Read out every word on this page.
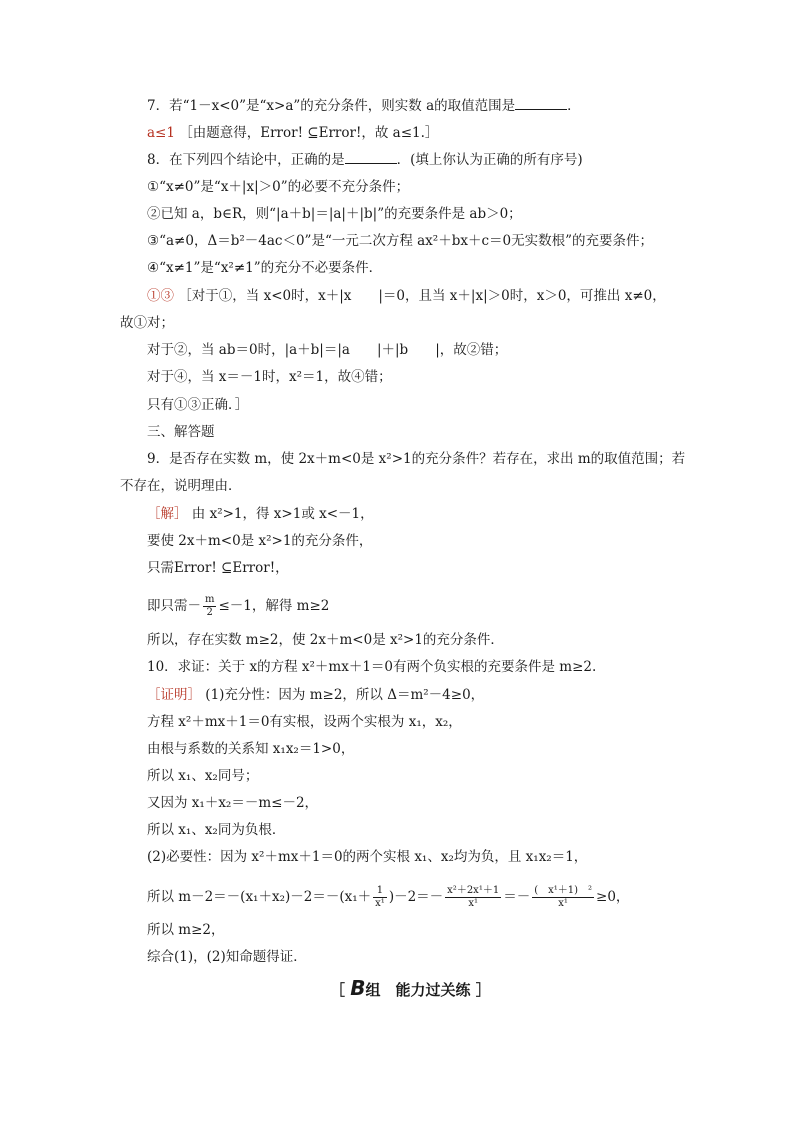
7．若“1－x<0”是“x>a”的充分条件，则实数 a的取值范围是	．
a≤1 ［由题意得，Error! ⊆Error!，故 a≤1.］
8．在下列四个结论中，正确的是	．(填上你认为正确的所有序号)
①“x≠0”是“x＋|x|＞0”的必要不充分条件；
②已知 a，b∈R，则“|a＋b|＝|a|＋|b|”的充要条件是 ab＞0；
③“a≠0，Δ＝b²－4ac＜0”是“一元二次方程 ax²＋bx＋c＝0无实数根”的充要条件；
④“x≠1”是“x²≠1”的充分不必要条件．
①③ ［对于①，当 x<0时，x＋|x　　|＝0，且当 x＋|x|＞0时，x＞0，可推出 x≠0，
故①对；
对于②，当 ab＝0时，|a＋b|＝|a　　|＋|b　　|，故②错；
对于④，当 x＝－1时，x²＝1，故④错；
只有①③正确．］
三、解答题
9．是否存在实数 m，使 2x＋m<0是 x²>1的充分条件？若存在，求出 m的取值范围；若
不存在，说明理由．
［解］ 由 x²>1，得 x>1或 x<－1，
要使 2x＋m<0是 x²>1的充分条件，
只需Error! ⊆Error!，
即只需－ $\frac{m}{2} \le-1$，解得 m≥2
所以，存在实数 m≥2，使 2x＋m<0是 x²>1的充分条件．
10．求证：关于 x的方程 x²＋mx＋1＝0有两个负实根的充要条件是 m≥2.
［证明］ (1)充分性：因为 m≥2，所以 Δ＝m²－4≥0，
方程 x²＋mx＋1＝0有实根，设两个实根为 x₁，x₂，
由根与系数的关系知 x₁x₂＝1>0，
所以 x₁、x₂同号；
又因为 x₁＋x₂＝－m≤－2，
所以 x₁、x₂同为负根．
(2)必要性：因为 x²＋mx＋1＝0的两个实根 x₁、x₂均为负，且 x₁x₂＝1，
所以 $m-2=-(x_1+x_2)-2=-(x_1+ \frac{1}{\text{x¹}} )-2=- \frac{\text{x²＋2x¹＋1}}{\text{x¹}} =- \frac{\text{(　x¹＋1)　²}}{\text{x¹}} \ge 0$，
所以 m≥2，
综合(1)，(2)知命题得证．
［ B组　能力过关练 ］
